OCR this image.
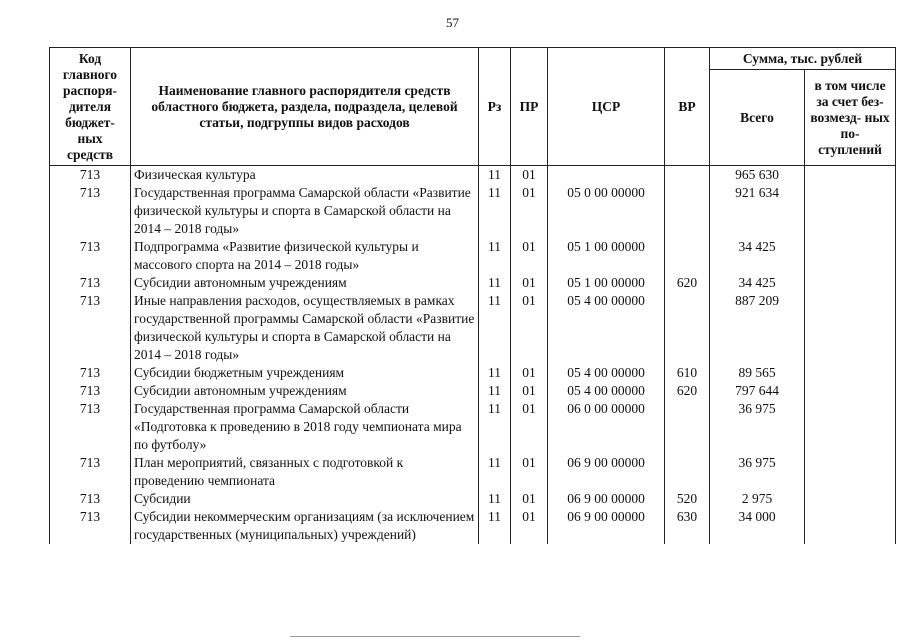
57
Код главного распоря- дителя бюджет- ных средств	Наименование главного распорядителя средств областного бюджета, раздела, подраздела, целевой статьи, подгруппы видов расходов	Рз	ПР	ЦСР	ВР	Сумма, тыс. рублей	
						Всего	в том числе за счет без- возмезд- ных по- ступлений
713	Физическая культура	11	01			965 630	
713	Государственная программа Самарской области «Развитие физической культуры и спорта в Самарской области на 2014 – 2018 годы»	11	01	05 0 00 00000		921 634	
713	Подпрограмма «Развитие физической культуры и массового спорта на 2014 – 2018 годы»	11	01	05 1 00 00000		34 425	
713	Субсидии автономным учреждениям	11	01	05 1 00 00000	620	34 425	
713	Иные направления расходов, осуществляемых в рамках государственной программы Самарской области «Развитие физической культуры и спорта в Самарской области на 2014 – 2018 годы»	11	01	05 4 00 00000		887 209	
713	Субсидии бюджетным учреждениям	11	01	05 4 00 00000	610	89 565	
713	Субсидии автономным учреждениям	11	01	05 4 00 00000	620	797 644	
713	Государственная программа Самарской области «Подготовка к проведению в 2018 году чемпионата мира по футболу»	11	01	06 0 00 00000		36 975	
713	План мероприятий, связанных с подготовкой к проведению чемпионата	11	01	06 9 00 00000		36 975	
713	Субсидии	11	01	06 9 00 00000	520	2 975	
713	Субсидии некоммерческим организациям (за исключением государственных (муниципальных) учреждений)	11	01	06 9 00 00000	630	34 000	
